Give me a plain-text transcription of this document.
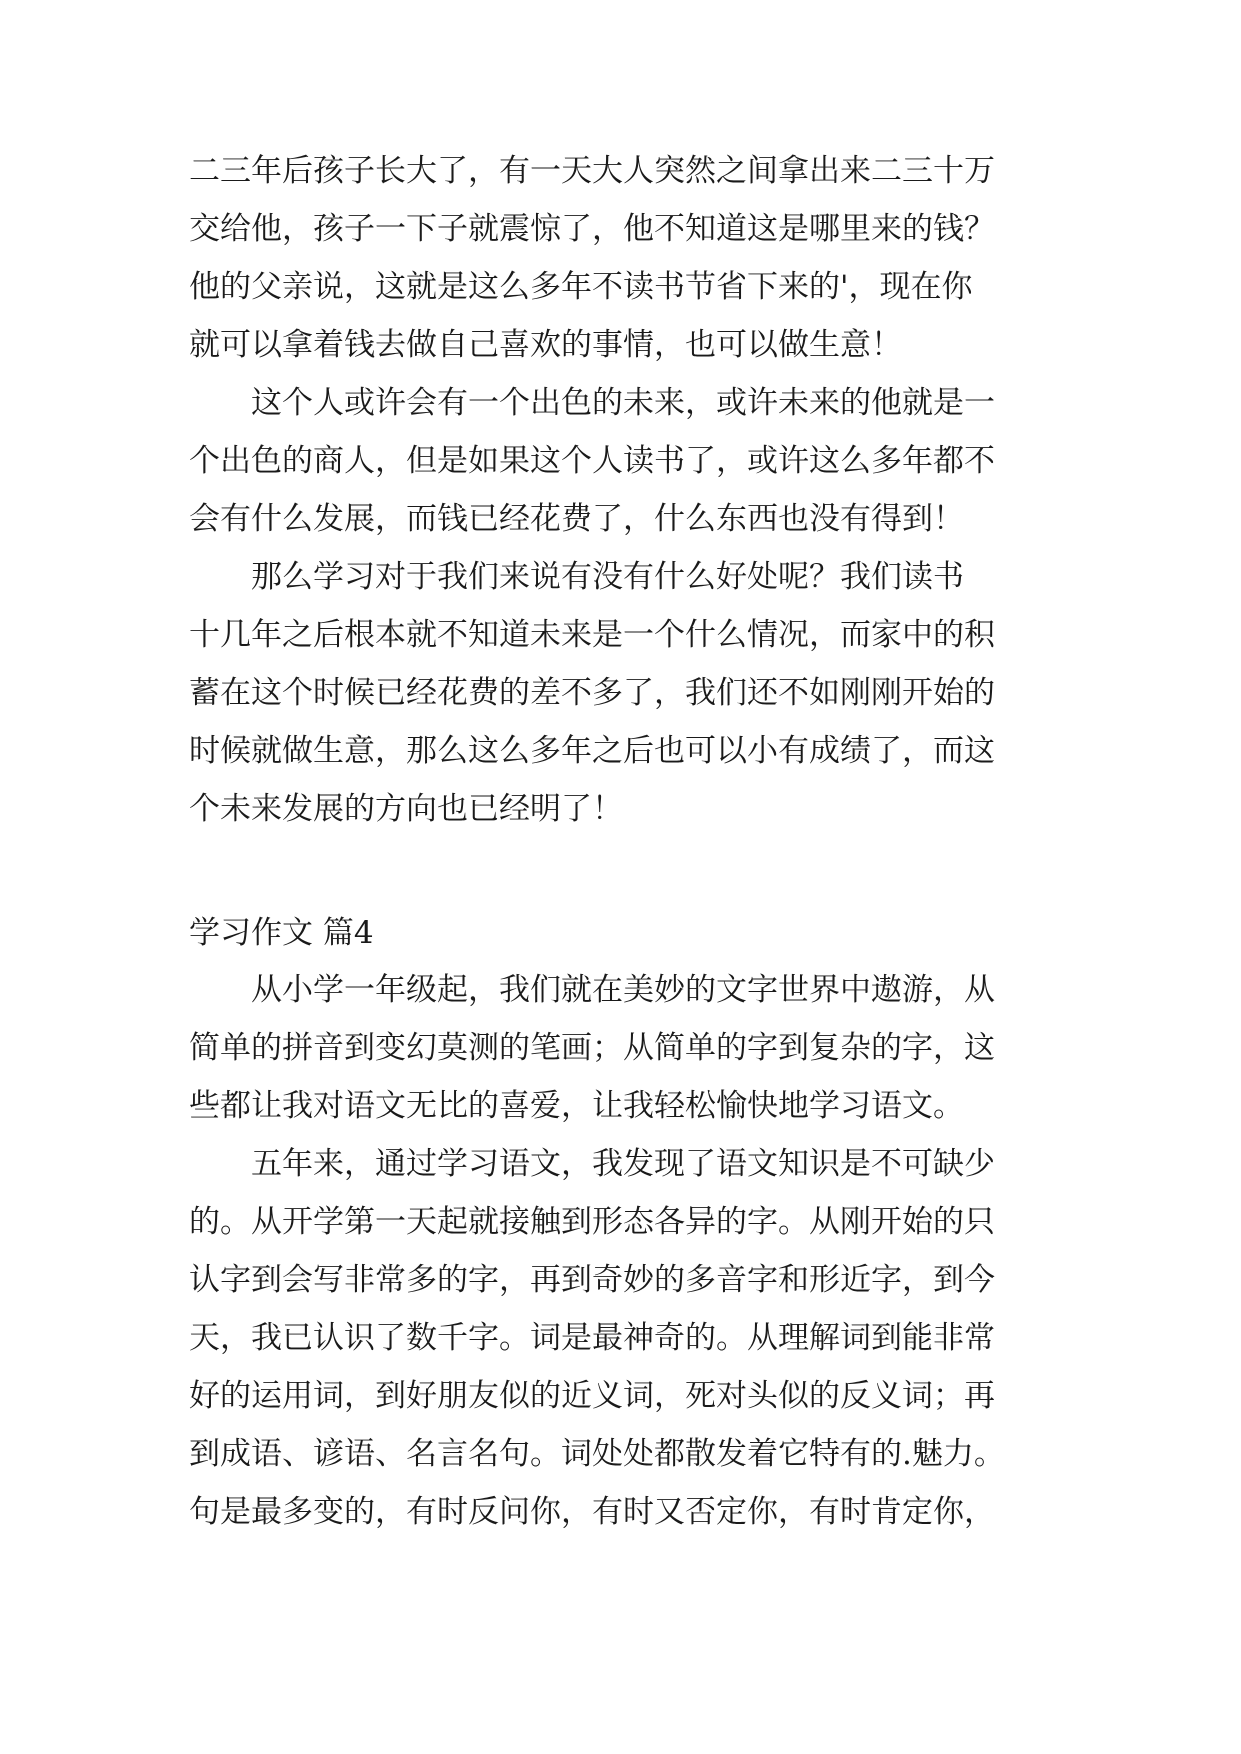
二三年后孩子长大了，有一天大人突然之间拿出来二三十万
交给他，孩子一下子就震惊了，他不知道这是哪里来的钱？
他的父亲说，这就是这么多年不读书节省下来的'，现在你
就可以拿着钱去做自己喜欢的事情，也可以做生意！
　　这个人或许会有一个出色的未来，或许未来的他就是一
个出色的商人，但是如果这个人读书了，或许这么多年都不
会有什么发展，而钱已经花费了，什么东西也没有得到！
　　那么学习对于我们来说有没有什么好处呢？我们读书
十几年之后根本就不知道未来是一个什么情况，而家中的积
蓄在这个时候已经花费的差不多了，我们还不如刚刚开始的
时候就做生意，那么这么多年之后也可以小有成绩了，而这
个未来发展的方向也已经明了！
学习作文 篇4
　　从小学一年级起，我们就在美妙的文字世界中遨游，从
简单的拼音到变幻莫测的笔画；从简单的字到复杂的字，这
些都让我对语文无比的喜爱，让我轻松愉快地学习语文。
　　五年来，通过学习语文，我发现了语文知识是不可缺少
的。从开学第一天起就接触到形态各异的字。从刚开始的只
认字到会写非常多的字，再到奇妙的多音字和形近字，到今
天，我已认识了数千字。词是最神奇的。从理解词到能非常
好的运用词，到好朋友似的近义词，死对头似的反义词；再
到成语、谚语、名言名句。词处处都散发着它特有的.魅力。
句是最多变的，有时反问你，有时又否定你，有时肯定你，
